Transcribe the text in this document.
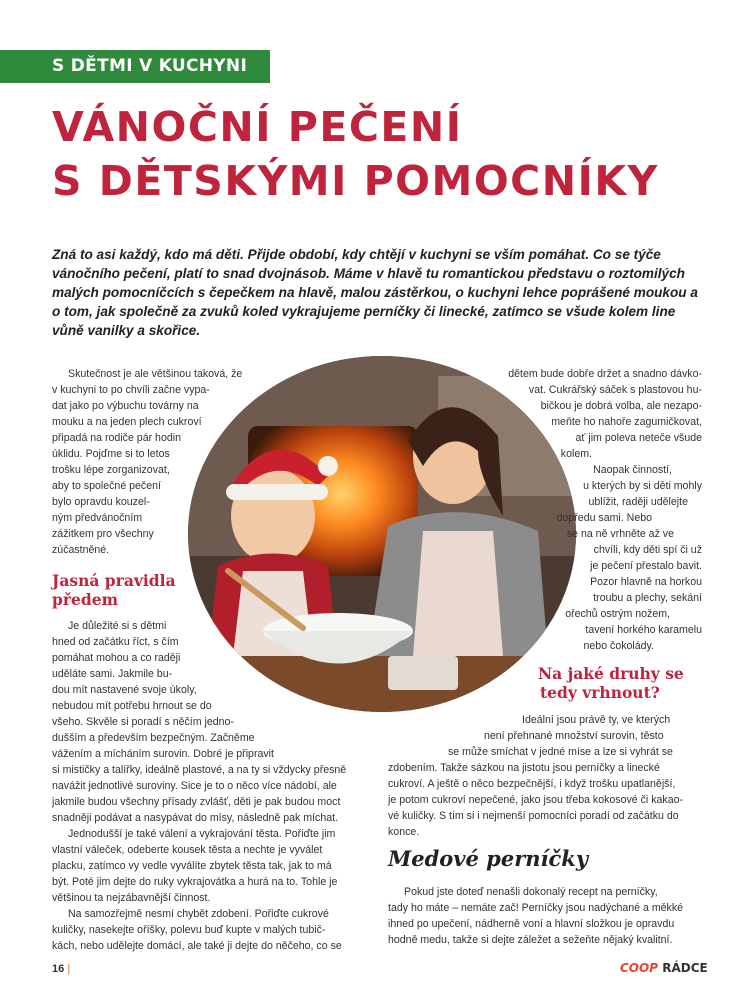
S DĚTMI V KUCHYNI
VÁNOČNÍ PEČENÍ
S DĚTSKÝMI POMOCNÍKY
Zná to asi každý, kdo má děti. Přijde období, kdy chtějí v kuchyni se vším pomáhat. Co se týče vánočního pečení, platí to snad dvojnásob. Máme v hlavě tu romantickou představu o roztomilých malých pomocníčcích s čepečkem na hlavě, malou zástěrkou, o kuchyni lehce poprášené moukou a o tom, jak společně za zvuků koled vykrajujeme perníčky či linecké, zatímco se všude kolem line vůně vanilky a skořice.

Skutečnost je ale většinou taková, že

v kuchyni to po chvíli začne vypa-

dat jako po výbuchu továrny na

mouku a na jeden plech cukroví

připadá na rodiče pár hodin

úklidu. Pojďme si to letos

trošku lépe zorganizovat,

aby to společné pečení

bylo opravdu kouzel-

ným předvánočním

zážitkem pro všechny

zúčastněné.

Jasná pravidla
předem

Je důležité si s dětmi

hned od začátku říct, s čím

pomáhat mohou a co raději

uděláte sami. Jakmile bu-

dou mít nastavené svoje úkoly,

nebudou mít potřebu hrnout se do

všeho. Skvěle si poradí s něčím jedno-

dušším a především bezpečným. Začněme

vážením a mícháním surovin. Dobré je připravit

si mističky a talířky, ideálně plastové, a na ty si vždycky přesně

navážit jednotlivé suroviny. Sice je to o něco více nádobí, ale

jakmile budou všechny přísady zvlášť, děti je pak budou moct

snadněji podávat a nasypávat do mísy, následně pak míchat.

Jednodušší je také válení a vykrajování těsta. Pořiďte jim

vlastní váleček, odeberte kousek těsta a nechte je vyválet

placku, zatímco vy vedle vyválíte zbytek těsta tak, jak to má

být. Poté jim dejte do ruky vykrajovátka a hurá na to. Tohle je

většinou ta nejzábavnější činnost.

Na samozřejmě nesmí chybět zdobení. Pořiďte cukrové

kuličky, nasekejte oříšky, polevu buď kupte v malých tubič-

kách, nebo udělejte domácí, ale také ji dejte do něčeho, co se

dětem bude dobře držet a snadno dávko-

vat. Cukrářský sáček s plastovou hu-

bičkou je dobrá volba, ale nezapo-

meňte ho nahoře zagumičkovat,

ať jim poleva neteče všude

kolem.

Naopak činností,

u kterých by si děti mohly

ublížit, raději udělejte

dopředu sami. Nebo

se na ně vrhněte až ve

chvíli, kdy děti spí či už

je pečení přestalo bavit.

Pozor hlavně na horkou

troubu a plechy, sekání

ořechů ostrým nožem,

tavení horkého karamelu

nebo čokolády.

Na jaké druhy se
tedy vrhnout?

Ideální jsou právě ty, ve kterých

není přehnané množství surovin, těsto

se může smíchat v jedné míse a lze si vyhrát se

zdobením. Takže sázkou na jistotu jsou perníčky a linecké

cukroví. A ještě o něco bezpečnější, i když trošku upatlanější,

je potom cukroví nepečené, jako jsou třeba kokosové či kakao-

vé kuličky. S tím si i nejmenší pomocníci poradí od začátku do

konce.

Medové perníčky

Pokud jste doteď nenašli dokonalý recept na perníčky,

tady ho máte – nemáte zač! Perníčky jsou nadýchané a měkké

ihned po upečení, nádherně voní a hlavní složkou je opravdu

hodně medu, takže si dejte záležet a sežeňte nějaký kvalitní.

16 |	COOP RÁDCE
